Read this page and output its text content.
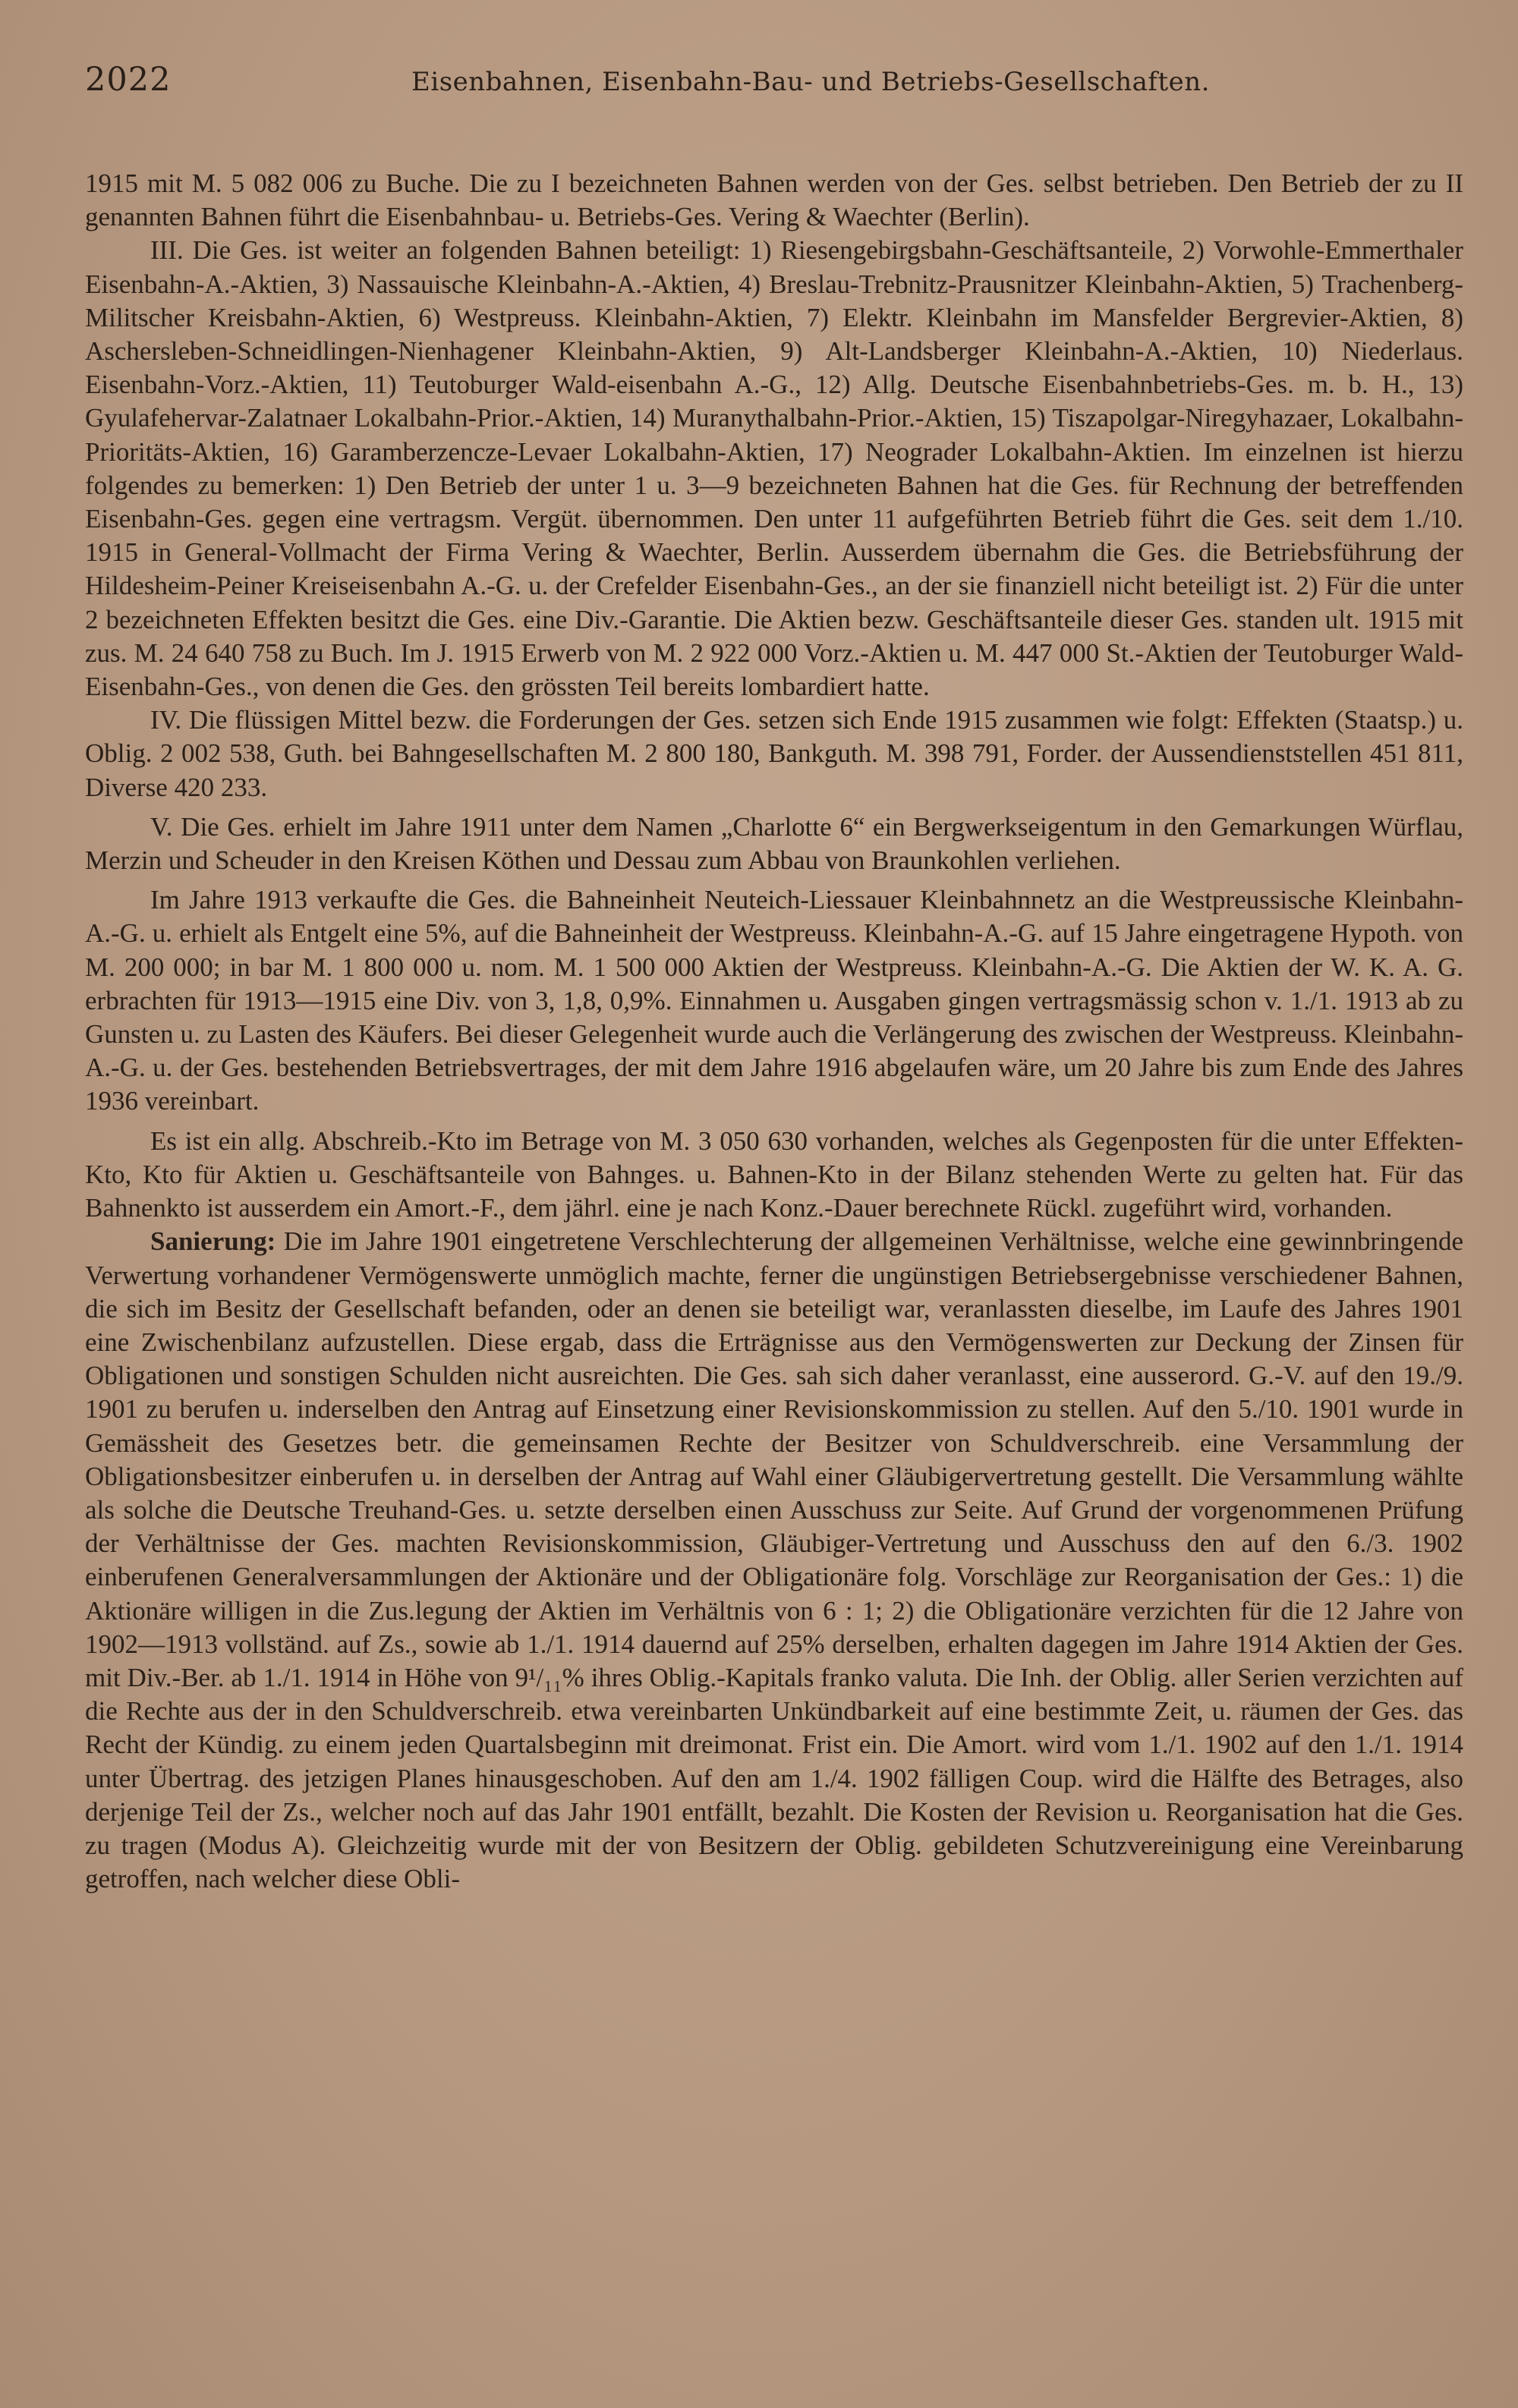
2022	Eisenbahnen, Eisenbahn-Bau- und Betriebs-Gesellschaften.

1915 mit M. 5 082 006 zu Buche. Die zu I bezeichneten Bahnen werden von der Ges. selbst betrieben. Den Betrieb der zu II genannten Bahnen führt die Eisenbahnbau- u. Betriebs-Ges. Vering & Waechter (Berlin).

III. Die Ges. ist weiter an folgenden Bahnen beteiligt: 1) Riesengebirgsbahn-Geschäftsanteile, 2) Vorwohle-Emmerthaler Eisenbahn-A.-Aktien, 3) Nassauische Kleinbahn-A.-Aktien, 4) Breslau-Trebnitz-Prausnitzer Kleinbahn-Aktien, 5) Trachenberg-Militscher Kreisbahn-Aktien, 6) Westpreuss. Kleinbahn-Aktien, 7) Elektr. Kleinbahn im Mansfelder Bergrevier-Aktien, 8) Aschersleben-Schneidlingen-Nienhagener Kleinbahn-Aktien, 9) Alt-Landsberger Kleinbahn-A.-Aktien, 10) Niederlaus. Eisenbahn-Vorz.-Aktien, 11) Teutoburger Wald-eisenbahn A.-G., 12) Allg. Deutsche Eisenbahnbetriebs-Ges. m. b. H., 13) Gyulafehervar-Zalatnaer Lokalbahn-Prior.-Aktien, 14) Muranythalbahn-Prior.-Aktien, 15) Tiszapolgar-Niregyhazaer, Lokalbahn-Prioritäts-Aktien, 16) Garamberzencze-Levaer Lokalbahn-Aktien, 17) Neograder Lokalbahn-Aktien. Im einzelnen ist hierzu folgendes zu bemerken: 1) Den Betrieb der unter 1 u. 3—9 bezeichneten Bahnen hat die Ges. für Rechnung der betreffenden Eisenbahn-Ges. gegen eine vertragsm. Vergüt. übernommen. Den unter 11 aufgeführten Betrieb führt die Ges. seit dem 1./10. 1915 in General-Vollmacht der Firma Vering & Waechter, Berlin. Ausserdem übernahm die Ges. die Betriebsführung der Hildesheim-Peiner Kreiseisenbahn A.-G. u. der Crefelder Eisenbahn-Ges., an der sie finanziell nicht beteiligt ist. 2) Für die unter 2 bezeichneten Effekten besitzt die Ges. eine Div.-Garantie. Die Aktien bezw. Geschäftsanteile dieser Ges. standen ult. 1915 mit zus. M. 24 640 758 zu Buch. Im J. 1915 Erwerb von M. 2 922 000 Vorz.-Aktien u. M. 447 000 St.-Aktien der Teutoburger Wald-Eisenbahn-Ges., von denen die Ges. den grössten Teil bereits lombardiert hatte.

IV. Die flüssigen Mittel bezw. die Forderungen der Ges. setzen sich Ende 1915 zusammen wie folgt: Effekten (Staatsp.) u. Oblig. 2 002 538, Guth. bei Bahngesellschaften M. 2 800 180, Bankguth. M. 398 791, Forder. der Aussendienststellen 451 811, Diverse 420 233.

V. Die Ges. erhielt im Jahre 1911 unter dem Namen „Charlotte 6“ ein Bergwerkseigentum in den Gemarkungen Würflau, Merzin und Scheuder in den Kreisen Köthen und Dessau zum Abbau von Braunkohlen verliehen.

Im Jahre 1913 verkaufte die Ges. die Bahneinheit Neuteich-Liessauer Kleinbahnnetz an die Westpreussische Kleinbahn-A.-G. u. erhielt als Entgelt eine 5%, auf die Bahneinheit der Westpreuss. Kleinbahn-A.-G. auf 15 Jahre eingetragene Hypoth. von M. 200 000; in bar M. 1 800 000 u. nom. M. 1 500 000 Aktien der Westpreuss. Kleinbahn-A.-G. Die Aktien der W. K. A. G. erbrachten für 1913—1915 eine Div. von 3, 1,8, 0,9%. Einnahmen u. Ausgaben gingen vertragsmässig schon v. 1./1. 1913 ab zu Gunsten u. zu Lasten des Käufers. Bei dieser Gelegenheit wurde auch die Verlängerung des zwischen der Westpreuss. Kleinbahn-A.-G. u. der Ges. bestehenden Betriebsvertrages, der mit dem Jahre 1916 abgelaufen wäre, um 20 Jahre bis zum Ende des Jahres 1936 vereinbart.

Es ist ein allg. Abschreib.-Kto im Betrage von M. 3 050 630 vorhanden, welches als Gegenposten für die unter Effekten-Kto, Kto für Aktien u. Geschäftsanteile von Bahnges. u. Bahnen-Kto in der Bilanz stehenden Werte zu gelten hat. Für das Bahnenkto ist ausserdem ein Amort.-F., dem jährl. eine je nach Konz.-Dauer berechnete Rückl. zugeführt wird, vorhanden.

Sanierung: Die im Jahre 1901 eingetretene Verschlechterung der allgemeinen Verhältnisse, welche eine gewinnbringende Verwertung vorhandener Vermögenswerte unmöglich machte, ferner die ungünstigen Betriebsergebnisse verschiedener Bahnen, die sich im Besitz der Gesellschaft befanden, oder an denen sie beteiligt war, veranlassten dieselbe, im Laufe des Jahres 1901 eine Zwischenbilanz aufzustellen. Diese ergab, dass die Erträgnisse aus den Vermögenswerten zur Deckung der Zinsen für Obligationen und sonstigen Schulden nicht ausreichten. Die Ges. sah sich daher veranlasst, eine ausserord. G.-V. auf den 19./9. 1901 zu berufen u. inderselben den Antrag auf Einsetzung einer Revisionskommission zu stellen. Auf den 5./10. 1901 wurde in Gemässheit des Gesetzes betr. die gemeinsamen Rechte der Besitzer von Schuldverschreib. eine Versammlung der Obligationsbesitzer einberufen u. in derselben der Antrag auf Wahl einer Gläubigervertretung gestellt. Die Versammlung wählte als solche die Deutsche Treuhand-Ges. u. setzte derselben einen Ausschuss zur Seite. Auf Grund der vorgenommenen Prüfung der Verhältnisse der Ges. machten Revisionskommission, Gläubiger-Vertretung und Ausschuss den auf den 6./3. 1902 einberufenen Generalversammlungen der Aktionäre und der Obligationäre folg. Vorschläge zur Reorganisation der Ges.: 1) die Aktionäre willigen in die Zus.legung der Aktien im Verhältnis von 6 : 1; 2) die Obligationäre verzichten für die 12 Jahre von 1902—1913 vollständ. auf Zs., sowie ab 1./1. 1914 dauernd auf 25% derselben, erhalten dagegen im Jahre 1914 Aktien der Ges. mit Div.-Ber. ab 1./1. 1914 in Höhe von 9¹/₁₁% ihres Oblig.-Kapitals franko valuta. Die Inh. der Oblig. aller Serien verzichten auf die Rechte aus der in den Schuldverschreib. etwa vereinbarten Unkündbarkeit auf eine bestimmte Zeit, u. räumen der Ges. das Recht der Kündig. zu einem jeden Quartalsbeginn mit dreimonat. Frist ein. Die Amort. wird vom 1./1. 1902 auf den 1./1. 1914 unter Übertrag. des jetzigen Planes hinausgeschoben. Auf den am 1./4. 1902 fälligen Coup. wird die Hälfte des Betrages, also derjenige Teil der Zs., welcher noch auf das Jahr 1901 entfällt, bezahlt. Die Kosten der Revision u. Reorganisation hat die Ges. zu tragen (Modus A). Gleichzeitig wurde mit der von Besitzern der Oblig. gebildeten Schutzvereinigung eine Vereinbarung getroffen, nach welcher diese Obli-
